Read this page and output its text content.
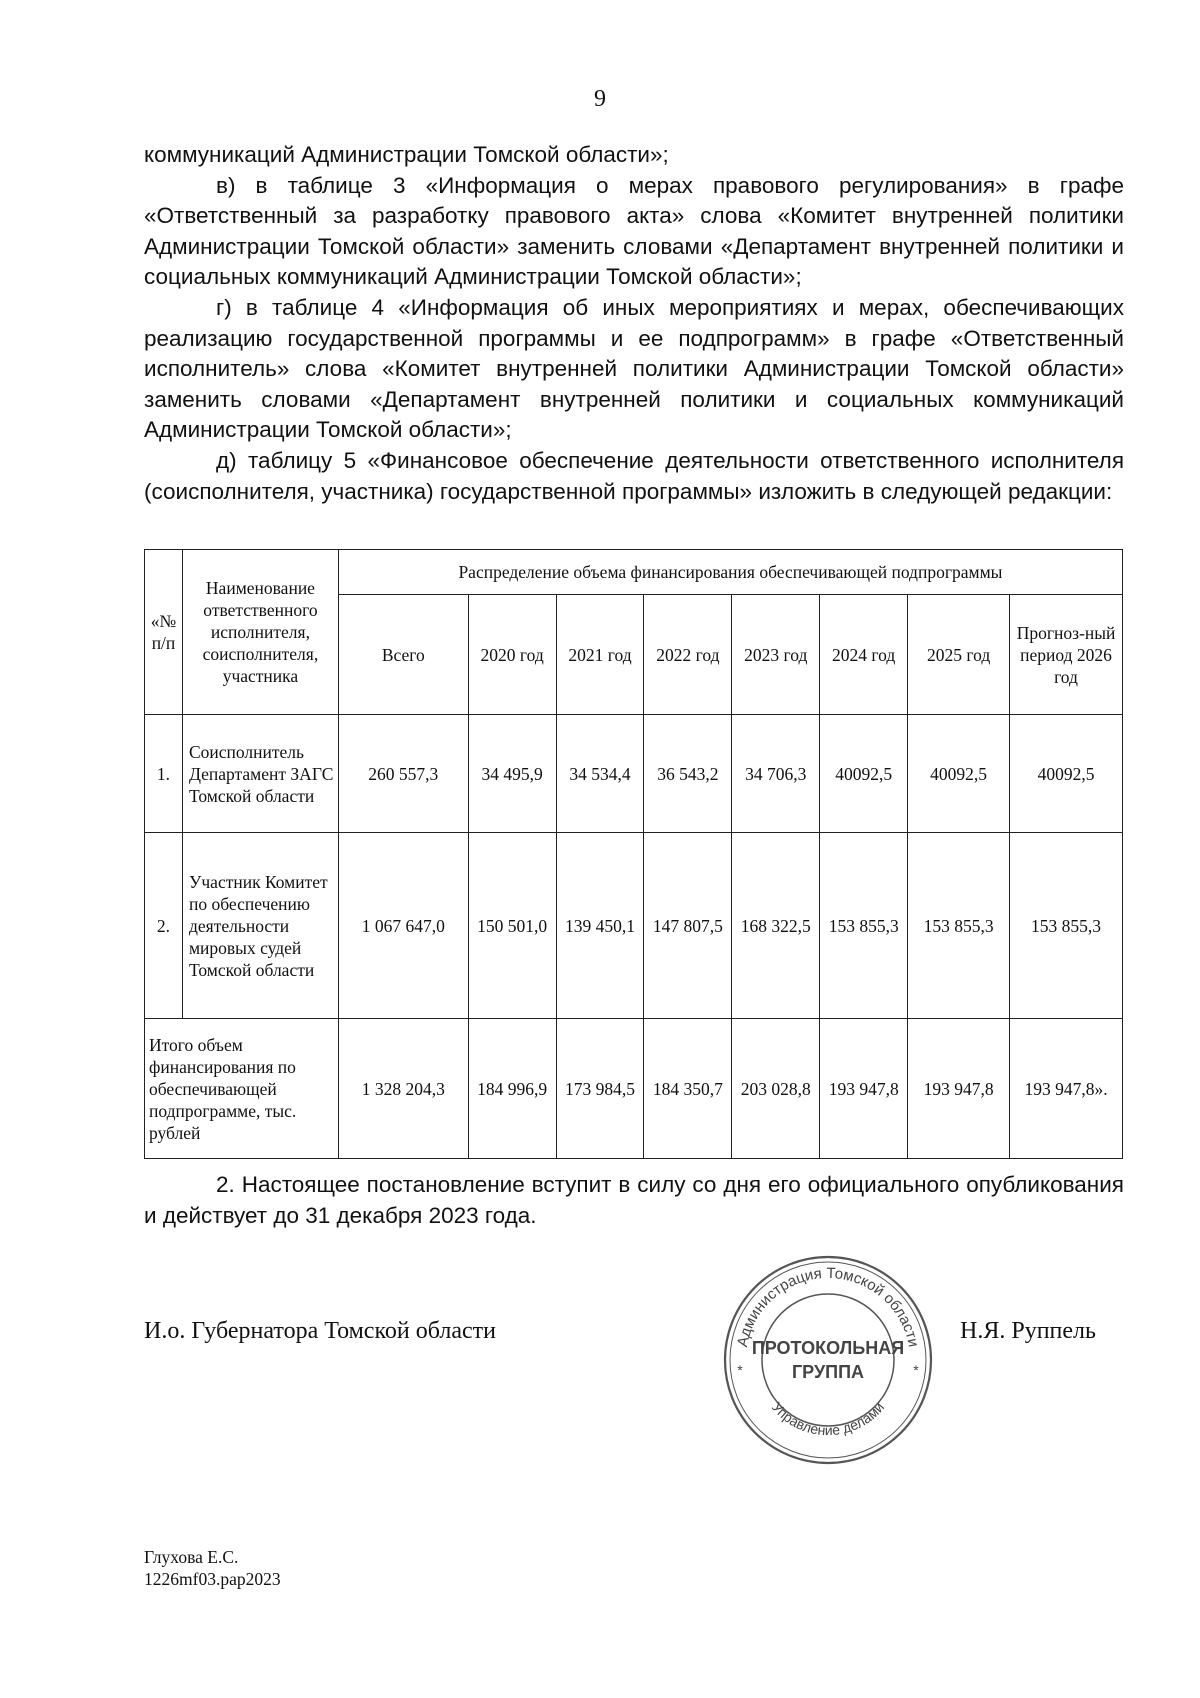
9

коммуникаций Администрации Томской области»;

в) в таблице 3 «Информация о мерах правового регулирования» в графе «Ответственный за разработку правового акта» слова «Комитет внутренней политики Администрации Томской области» заменить словами «Департамент внутренней политики и социальных коммуникаций Администрации Томской области»;

г) в таблице 4 «Информация об иных мероприятиях и мерах, обеспечивающих реализацию государственной программы и ее подпрограмм» в графе «Ответственный исполнитель» слова «Комитет внутренней политики Администрации Томской области» заменить словами «Департамент внутренней политики и социальных коммуникаций Администрации Томской области»;

д) таблицу 5 «Финансовое обеспечение деятельности ответственного исполнителя (соисполнителя, участника) государственной программы» изложить в следующей редакции:

«№ п/п	Наименование ответственного исполнителя, соисполнителя, участника	Распределение объема финансирования обеспечивающей подпрограммы							
		Всего	2020 год	2021 год	2022 год	2023 год	2024 год	2025 год	Прогноз-ный период 2026 год
1.	Соисполнитель Департамент ЗАГС Томской области	260 557,3	34 495,9	34 534,4	36 543,2	34 706,3	40092,5	40092,5	40092,5
2.	Участник Комитет по обеспечению деятельности мировых судей Томской области	1 067 647,0	150 501,0	139 450,1	147 807,5	168 322,5	153 855,3	153 855,3	153 855,3
Итого объем финансирования по обеспечивающей подпрограмме, тыс. рублей		1 328 204,3	184 996,9	173 984,5	184 350,7	203 028,8	193 947,8	193 947,8	193 947,8».

2. Настоящее постановление вступит в силу со дня его официального опубликования и действует до 31 декабря 2023 года.

И.о. Губернатора Томской области	Администрация Томской области
Управление делами
ПРОТОКОЛЬНАЯ
ГРУППА
*	*
Н.Я. Руппель
Глухова Е.С.
1226mf03.pap2023
